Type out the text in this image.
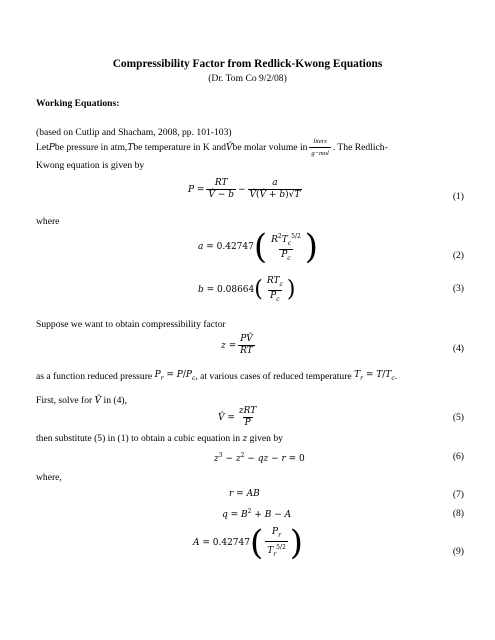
Compressibility Factor from Redlick-Kwong Equations
(Dr. Tom Co 9/2/08)
Working Equations:
(based on Cutlip and Shacham, 2008, pp. 101-103)
Let P be pressure in atm, T be temperature in K and V̂ be molar volume in $\frac{\text{liters}}{\text{g−mol}}$ . The Redlich-
Kwong equation is given by
$P = \frac{RT}{V̂ - b} - \frac{a}{V̂(V̂ + b)√T}$	(1)
where
a = 0.42747 ( $\frac{R^2T_c^{5/2}}{P_c}$ )	(2)
b = 0.08664 ( $\frac{RT_c}{P_c}$ )	(3)
Suppose we want to obtain compressibility factor
$z = \frac{PV̂}{RT}$	(4)
as a function reduced pressure
$P_r = P/P_c$ , at various cases of reduced temperature
$T_r = T/T_c$ .
First, solve for
V̂
in (4),
V̂ = $\frac{\text{zRT}}{P}$	(5)
then substitute (5) in (1) to obtain a cubic equation in
z
given by
$z^3 - z^2$ − qz − r = 0	(6)
where,
r = AB	(7)
$q = B^2 + B - A$	(8)
A = 0.42747 ( $\frac{P_r}{T_r^{5/2}}$ )	(9)
